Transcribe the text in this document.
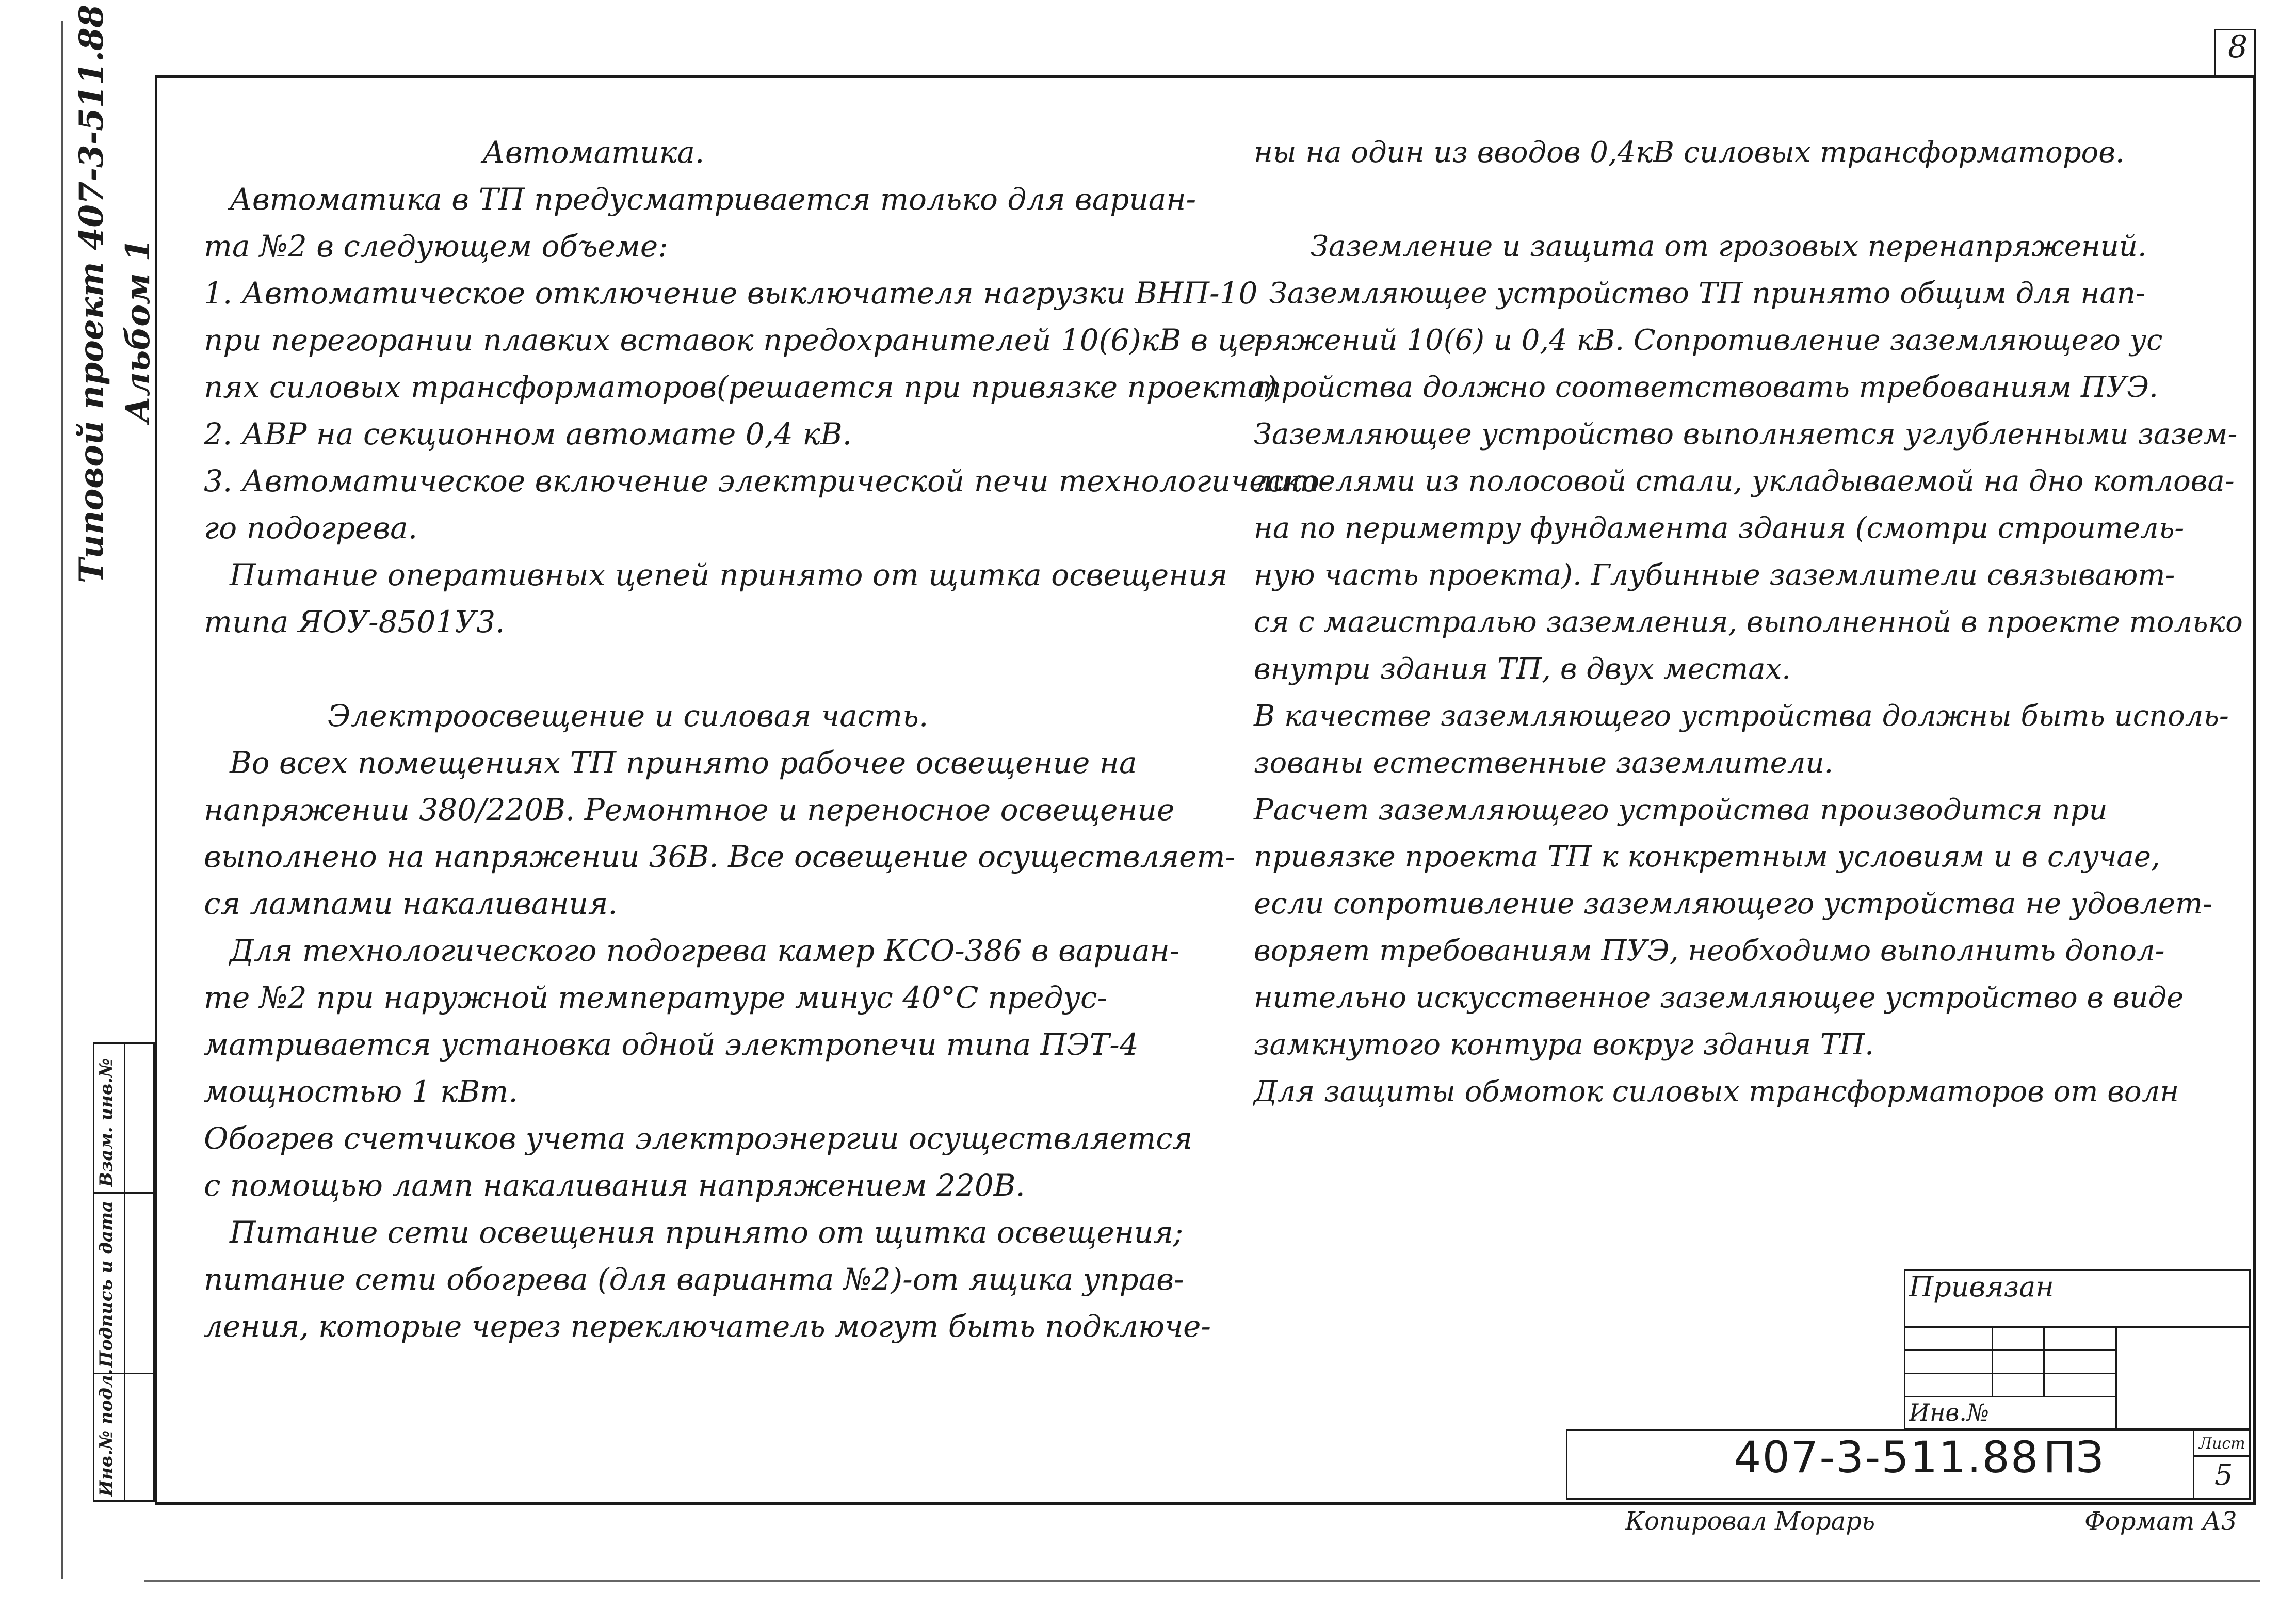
8
Типовой проект 407-3-511.88 Альбом 1
Инв.№ подл.
Подпись и дата
Взам. инв.№

Автоматика.

Автоматика в ТП предусматривается только для вариан-

та №2 в следующем объеме:

1. Автоматическое отключение выключателя нагрузки ВНП-10

при перегорании плавких вставок предохранителей 10(6)кВ в це-

пях силовых трансформаторов(решается при привязке проекта)

2. АВР на секционном автомате 0,4 кВ.

3. Автоматическое включение электрической печи технологическо-

го подогрева.

Питание оперативных цепей принято от щитка освещения

типа ЯОУ-8501У3.

Электроосвещение и силовая часть.

Во всех помещениях ТП принято рабочее освещение на

напряжении 380/220В. Ремонтное и переносное освещение

выполнено на напряжении 36В. Все освещение осуществляет-

ся лампами накаливания.

Для технологического подогрева камер КСО-386 в вариан-

те №2 при наружной температуре минус 40°С предус-

матривается установка одной электропечи типа ПЭТ-4

мощностью 1 кВт.

Обогрев счетчиков учета электроэнергии осуществляется

с помощью ламп накаливания напряжением 220В.

Питание сети освещения принято от щитка освещения;

питание сети обогрева (для варианта №2)-от ящика управ-

ления, которые через переключатель могут быть подключе-

ны на один из вводов 0,4кВ силовых трансформаторов.

Заземление и защита от грозовых перенапряжений.

Заземляющее устройство ТП принято общим для нап-

ряжений 10(6) и 0,4 кВ. Сопротивление заземляющего ус

тройства должно соответствовать требованиям ПУЭ.

Заземляющее устройство выполняется углубленными зазем-

лителями из полосовой стали, укладываемой на дно котлова-

на по периметру фундамента здания (смотри строитель-

ную часть проекта). Глубинные заземлители связывают-

ся с магистралью заземления, выполненной в проекте только

внутри здания ТП, в двух местах.

В качестве заземляющего устройства должны быть исполь-

зованы естественные заземлители.

Расчет заземляющего устройства производится при

привязке проекта ТП к конкретным условиям и в случае,

если сопротивление заземляющего устройства не удовлет-

воряет требованиям ПУЭ, необходимо выполнить допол-

нительно искусственное заземляющее устройство в виде

замкнутого контура вокруг здания ТП.

Для защиты обмоток силовых трансформаторов от волн

Привязан
Инв.№
407-3-511.88 ПЗ	Лист
5
Копировал Морарь	Формат А3
